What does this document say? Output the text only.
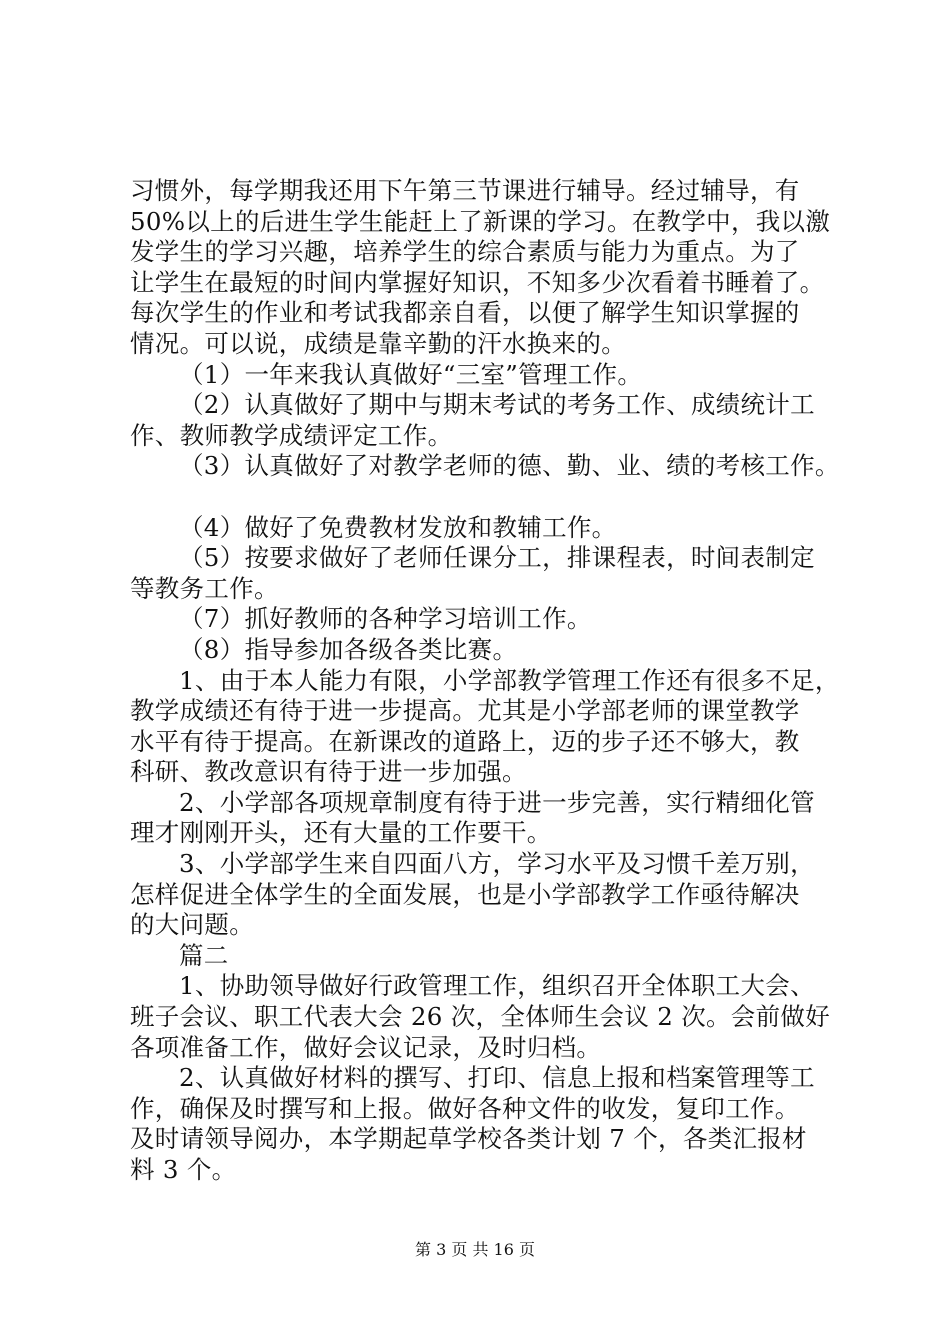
习惯外，每学期我还用下午第三节课进行辅导。经过辅导，有
50%以上的后进生学生能赶上了新课的学习。在教学中，我以激
发学生的学习兴趣，培养学生的综合素质与能力为重点。为了
让学生在最短的时间内掌握好知识，不知多少次看着书睡着了。
每次学生的作业和考试我都亲自看，以便了解学生知识掌握的
情况。可以说，成绩是靠辛勤的汗水换来的。
（1）一年来我认真做好“三室”管理工作。
（2）认真做好了期中与期末考试的考务工作、成绩统计工
作、教师教学成绩评定工作。
（3）认真做好了对教学老师的德、勤、业、绩的考核工作。
（4）做好了免费教材发放和教辅工作。
（5）按要求做好了老师任课分工，排课程表，时间表制定
等教务工作。
（7）抓好教师的各种学习培训工作。
（8）指导参加各级各类比赛。
1、由于本人能力有限，小学部教学管理工作还有很多不足，
教学成绩还有待于进一步提高。尤其是小学部老师的课堂教学
水平有待于提高。在新课改的道路上，迈的步子还不够大，教
科研、教改意识有待于进一步加强。
2、小学部各项规章制度有待于进一步完善，实行精细化管
理才刚刚开头，还有大量的工作要干。
3、小学部学生来自四面八方，学习水平及习惯千差万别，
怎样促进全体学生的全面发展，也是小学部教学工作亟待解决
的大问题。
篇二
1、协助领导做好行政管理工作，组织召开全体职工大会、
班子会议、职工代表大会 26 次，全体师生会议 2 次。会前做好
各项准备工作，做好会议记录，及时归档。
2、认真做好材料的撰写、打印、信息上报和档案管理等工
作，确保及时撰写和上报。做好各种文件的收发，复印工作。
及时请领导阅办，本学期起草学校各类计划 7 个，各类汇报材
料 3 个。
第 3 页 共 16 页
